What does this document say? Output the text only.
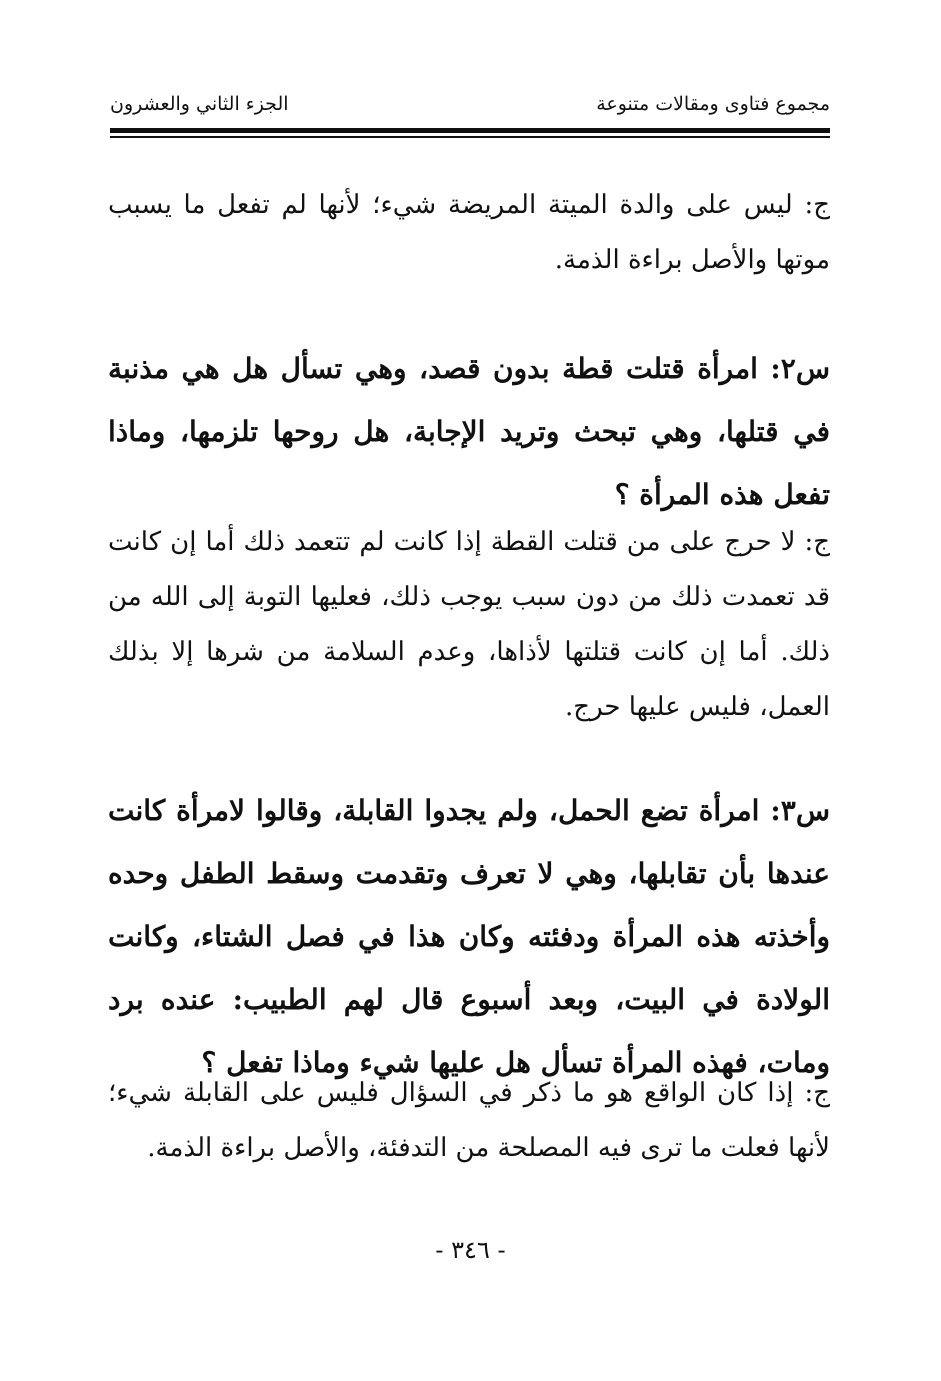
مجموع فتاوى ومقالات متنوعة
الجزء الثاني والعشرون
ج: ليس على والدة الميتة المريضة شيء؛ لأنها لم تفعل ما يسبب موتها والأصل براءة الذمة.
س٢: امرأة قتلت قطة بدون قصد، وهي تسأل هل هي مذنبة في قتلها، وهي تبحث وتريد الإجابة، هل روحها تلزمها، وماذا تفعل هذه المرأة ؟
ج: لا حرج على من قتلت القطة إذا كانت لم تتعمد ذلك أما إن كانت قد تعمدت ذلك من دون سبب يوجب ذلك، فعليها التوبة إلى الله من ذلك. أما إن كانت قتلتها لأذاها، وعدم السلامة من شرها إلا بذلك العمل، فليس عليها حرج.
س٣: امرأة تضع الحمل، ولم يجدوا القابلة، وقالوا لامرأة كانت عندها بأن تقابلها، وهي لا تعرف وتقدمت وسقط الطفل وحده وأخذته هذه المرأة ودفئته وكان هذا في فصل الشتاء، وكانت الولادة في البيت، وبعد أسبوع قال لهم الطبيب: عنده برد ومات، فهذه المرأة تسأل هل عليها شيء وماذا تفعل ؟
ج: إذا كان الواقع هو ما ذكر في السؤال فليس على القابلة شيء؛ لأنها فعلت ما ترى فيه المصلحة من التدفئة، والأصل براءة الذمة.
- ٣٤٦ -
